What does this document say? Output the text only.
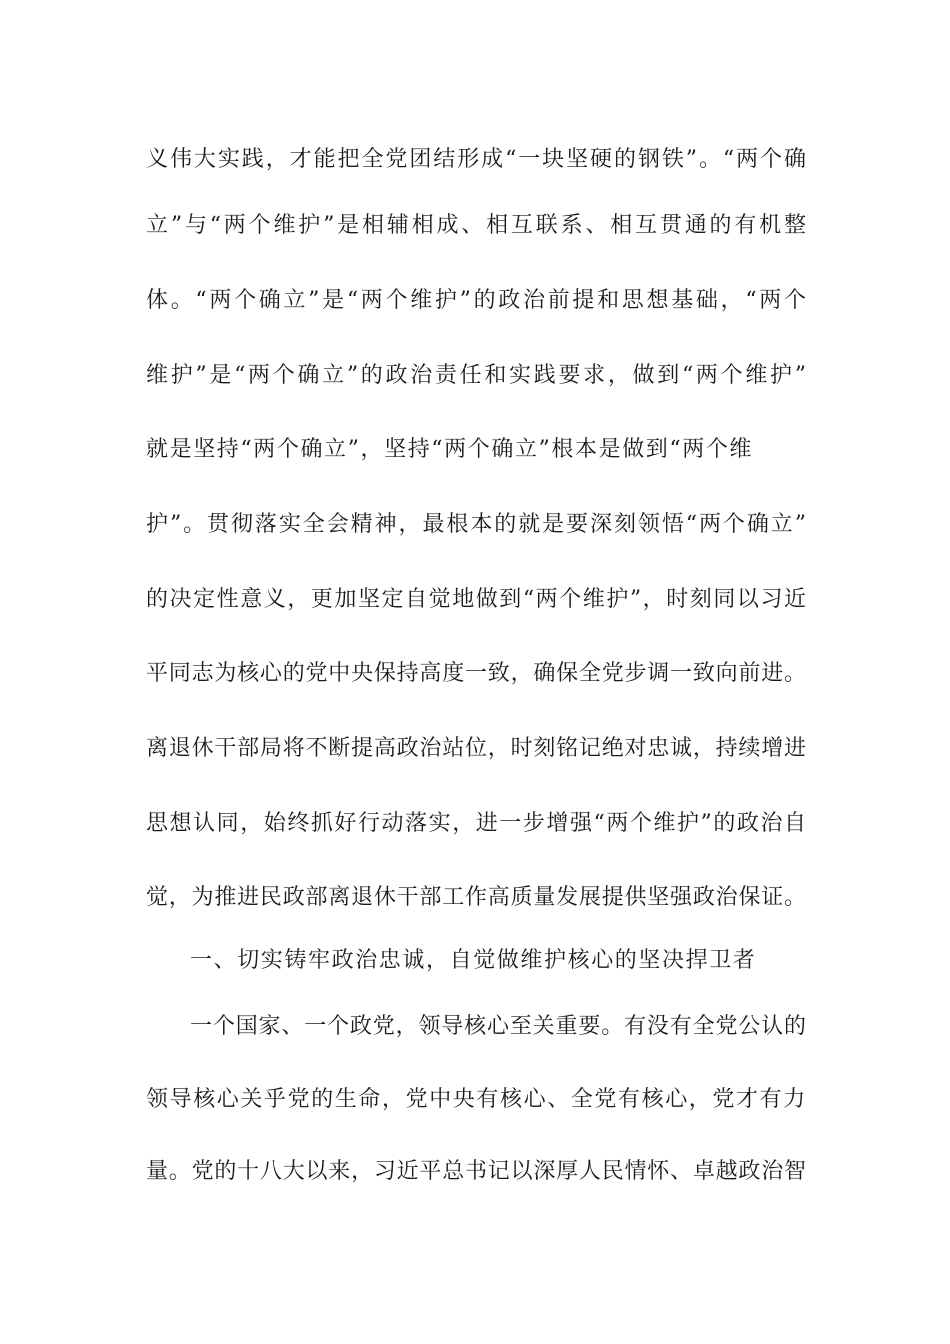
义伟大实践，才能把全党团结形成“一块坚硬的钢铁”。“两个确
立”与“两个维护”是相辅相成、相互联系、相互贯通的有机整
体。“两个确立”是“两个维护”的政治前提和思想基础，“两个
维护”是“两个确立”的政治责任和实践要求，做到“两个维护”
就是坚持“两个确立”，坚持“两个确立”根本是做到“两个维
护”。贯彻落实全会精神，最根本的就是要深刻领悟“两个确立”
的决定性意义，更加坚定自觉地做到“两个维护”，时刻同以习近
平同志为核心的党中央保持高度一致，确保全党步调一致向前进。
离退休干部局将不断提高政治站位，时刻铭记绝对忠诚，持续增进
思想认同，始终抓好行动落实，进一步增强“两个维护”的政治自
觉，为推进民政部离退休干部工作高质量发展提供坚强政治保证。
一、切实铸牢政治忠诚，自觉做维护核心的坚决捍卫者
一个国家、一个政党，领导核心至关重要。有没有全党公认的
领导核心关乎党的生命，党中央有核心、全党有核心，党才有力
量。党的十八大以来，习近平总书记以深厚人民情怀、卓越政治智
